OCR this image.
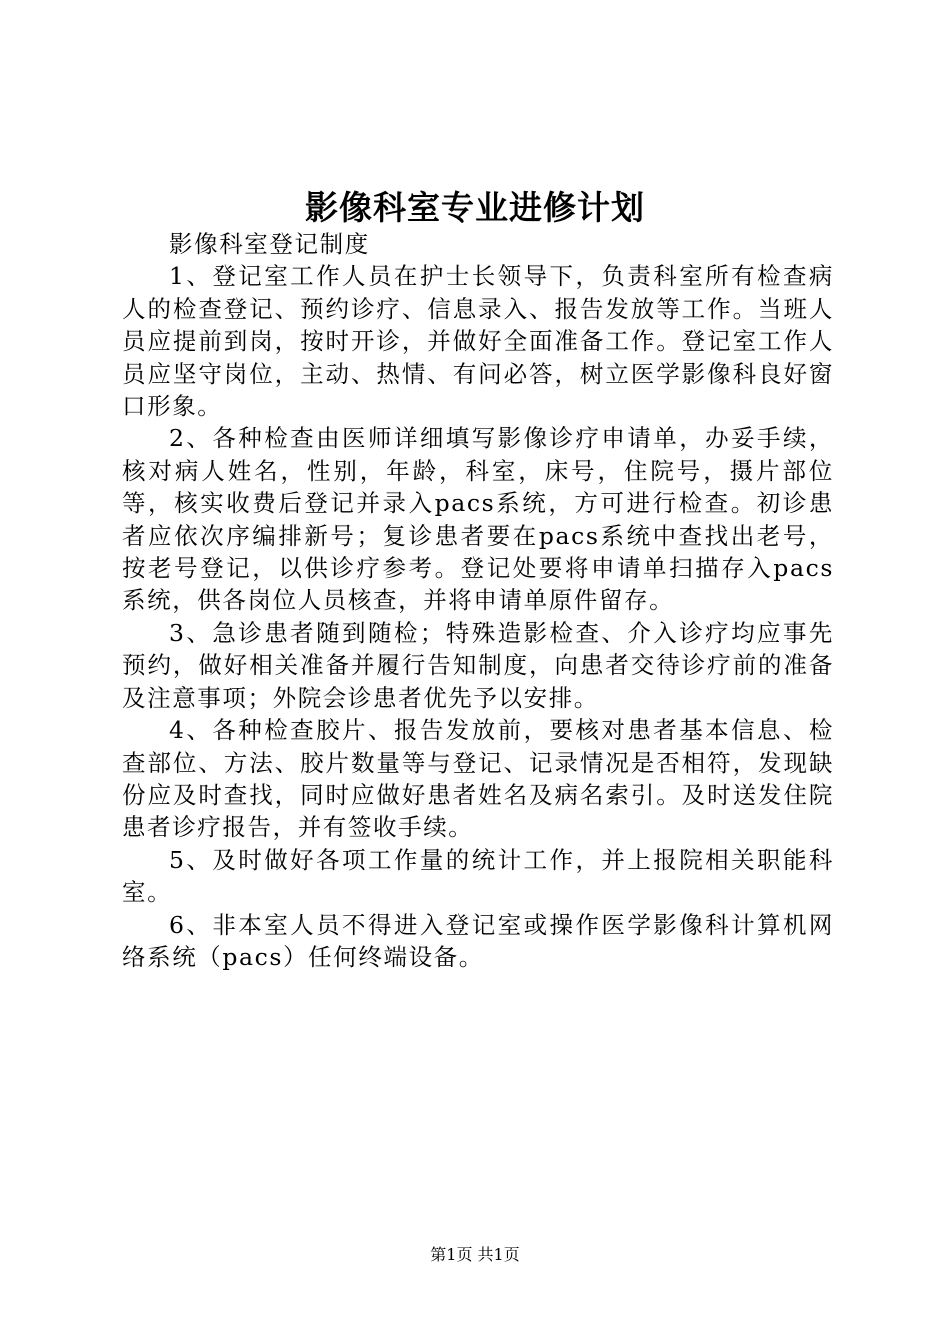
影像科室专业进修计划

影像科室登记制度

1、登记室工作人员在护士长领导下，负责科室所有检查病人的检查登记、预约诊疗、信息录入、报告发放等工作。当班人员应提前到岗，按时开诊，并做好全面准备工作。登记室工作人员应坚守岗位，主动、热情、有问必答，树立医学影像科良好窗口形象。

2、各种检查由医师详细填写影像诊疗申请单，办妥手续，核对病人姓名，性别，年龄，科室，床号，住院号，摄片部位等，核实收费后登记并录入pacs系统，方可进行检查。初诊患者应依次序编排新号；复诊患者要在pacs系统中查找出老号，按老号登记，以供诊疗参考。登记处要将申请单扫描存入pacs系统，供各岗位人员核查，并将申请单原件留存。

3、急诊患者随到随检；特殊造影检查、介入诊疗均应事先预约，做好相关准备并履行告知制度，向患者交待诊疗前的准备及注意事项；外院会诊患者优先予以安排。

4、各种检查胶片、报告发放前，要核对患者基本信息、检查部位、方法、胶片数量等与登记、记录情况是否相符，发现缺份应及时查找，同时应做好患者姓名及病名索引。及时送发住院患者诊疗报告，并有签收手续。

5、及时做好各项工作量的统计工作，并上报院相关职能科室。

6、非本室人员不得进入登记室或操作医学影像科计算机网络系统（pacs）任何终端设备。

第1页 共1页
